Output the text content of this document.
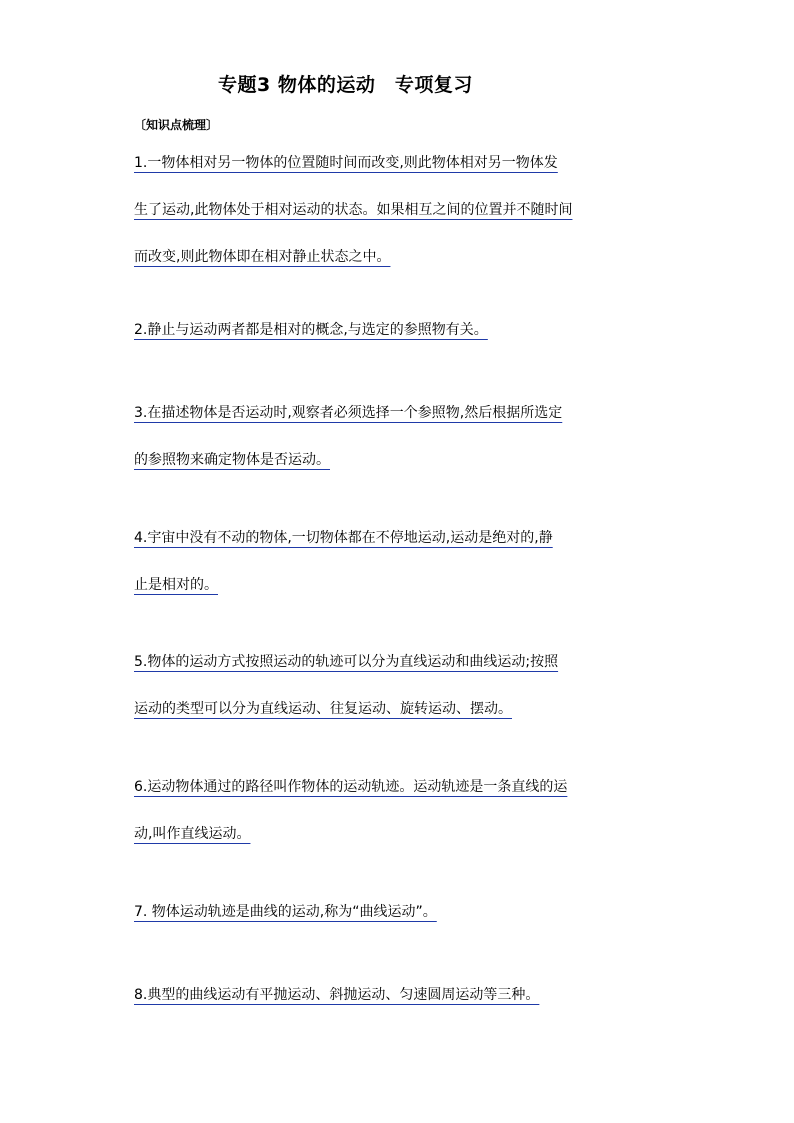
专题3 物体的运动　专项复习
〔知识点梳理〕
1.一物体相对另一物体的位置随时间而改变,则此物体相对另一物体发
生了运动,此物体处于相对运动的状态。如果相互之间的位置并不随时间
而改变,则此物体即在相对静止状态之中。
2.静止与运动两者都是相对的概念,与选定的参照物有关。
3.在描述物体是否运动时,观察者必须选择一个参照物,然后根据所选定
的参照物来确定物体是否运动。
4.宇宙中没有不动的物体,一切物体都在不停地运动,运动是绝对的,静
止是相对的。
5.物体的运动方式按照运动的轨迹可以分为直线运动和曲线运动;按照
运动的类型可以分为直线运动、往复运动、旋转运动、摆动。
6.运动物体通过的路径叫作物体的运动轨迹。运动轨迹是一条直线的运
动,叫作直线运动。
7. 物体运动轨迹是曲线的运动,称为“曲线运动”。
8.典型的曲线运动有平抛运动、斜抛运动、匀速圆周运动等三种。
